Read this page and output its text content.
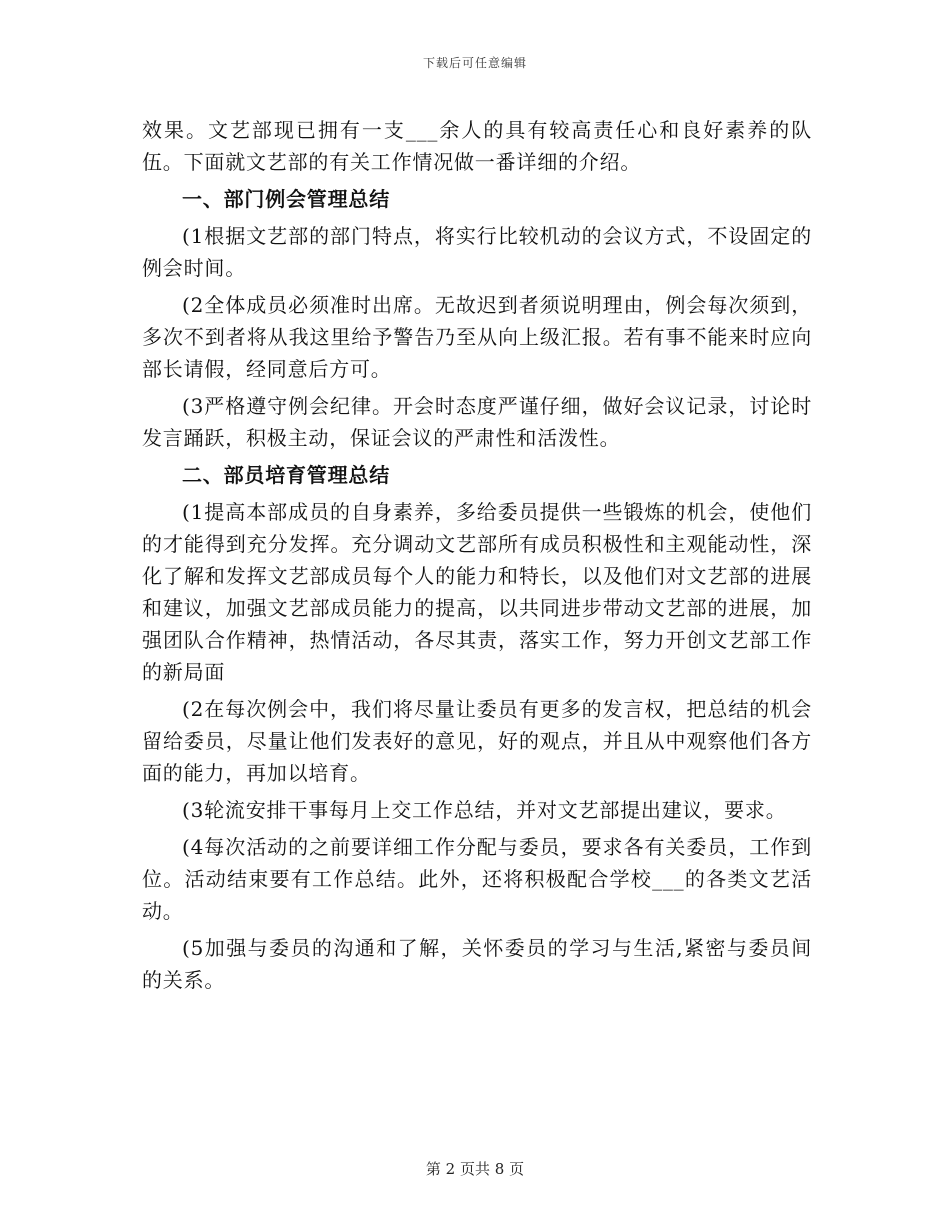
下载后可任意编辑

效果。文艺部现已拥有一支___余人的具有较高责任心和良好素养的队伍。下面就文艺部的有关工作情况做一番详细的介绍。

一、部门例会管理总结

(1根据文艺部的部门特点，将实行比较机动的会议方式，不设固定的例会时间。

(2全体成员必须准时出席。无故迟到者须说明理由，例会每次须到，多次不到者将从我这里给予警告乃至从向上级汇报。若有事不能来时应向部长请假，经同意后方可。

(3严格遵守例会纪律。开会时态度严谨仔细，做好会议记录，讨论时发言踊跃，积极主动，保证会议的严肃性和活泼性。

二、部员培育管理总结

(1提高本部成员的自身素养，多给委员提供一些锻炼的机会，使他们的才能得到充分发挥。充分调动文艺部所有成员积极性和主观能动性，深化了解和发挥文艺部成员每个人的能力和特长，以及他们对文艺部的进展和建议，加强文艺部成员能力的提高，以共同进步带动文艺部的进展，加强团队合作精神，热情活动，各尽其责，落实工作，努力开创文艺部工作的新局面

(2在每次例会中，我们将尽量让委员有更多的发言权，把总结的机会留给委员，尽量让他们发表好的意见，好的观点，并且从中观察他们各方面的能力，再加以培育。

(3轮流安排干事每月上交工作总结，并对文艺部提出建议，要求。

(4每次活动的之前要详细工作分配与委员，要求各有关委员，工作到位。活动结束要有工作总结。此外，还将积极配合学校___的各类文艺活动。

(5加强与委员的沟通和了解，关怀委员的学习与生活,紧密与委员间的关系。

第 2 页共 8 页
